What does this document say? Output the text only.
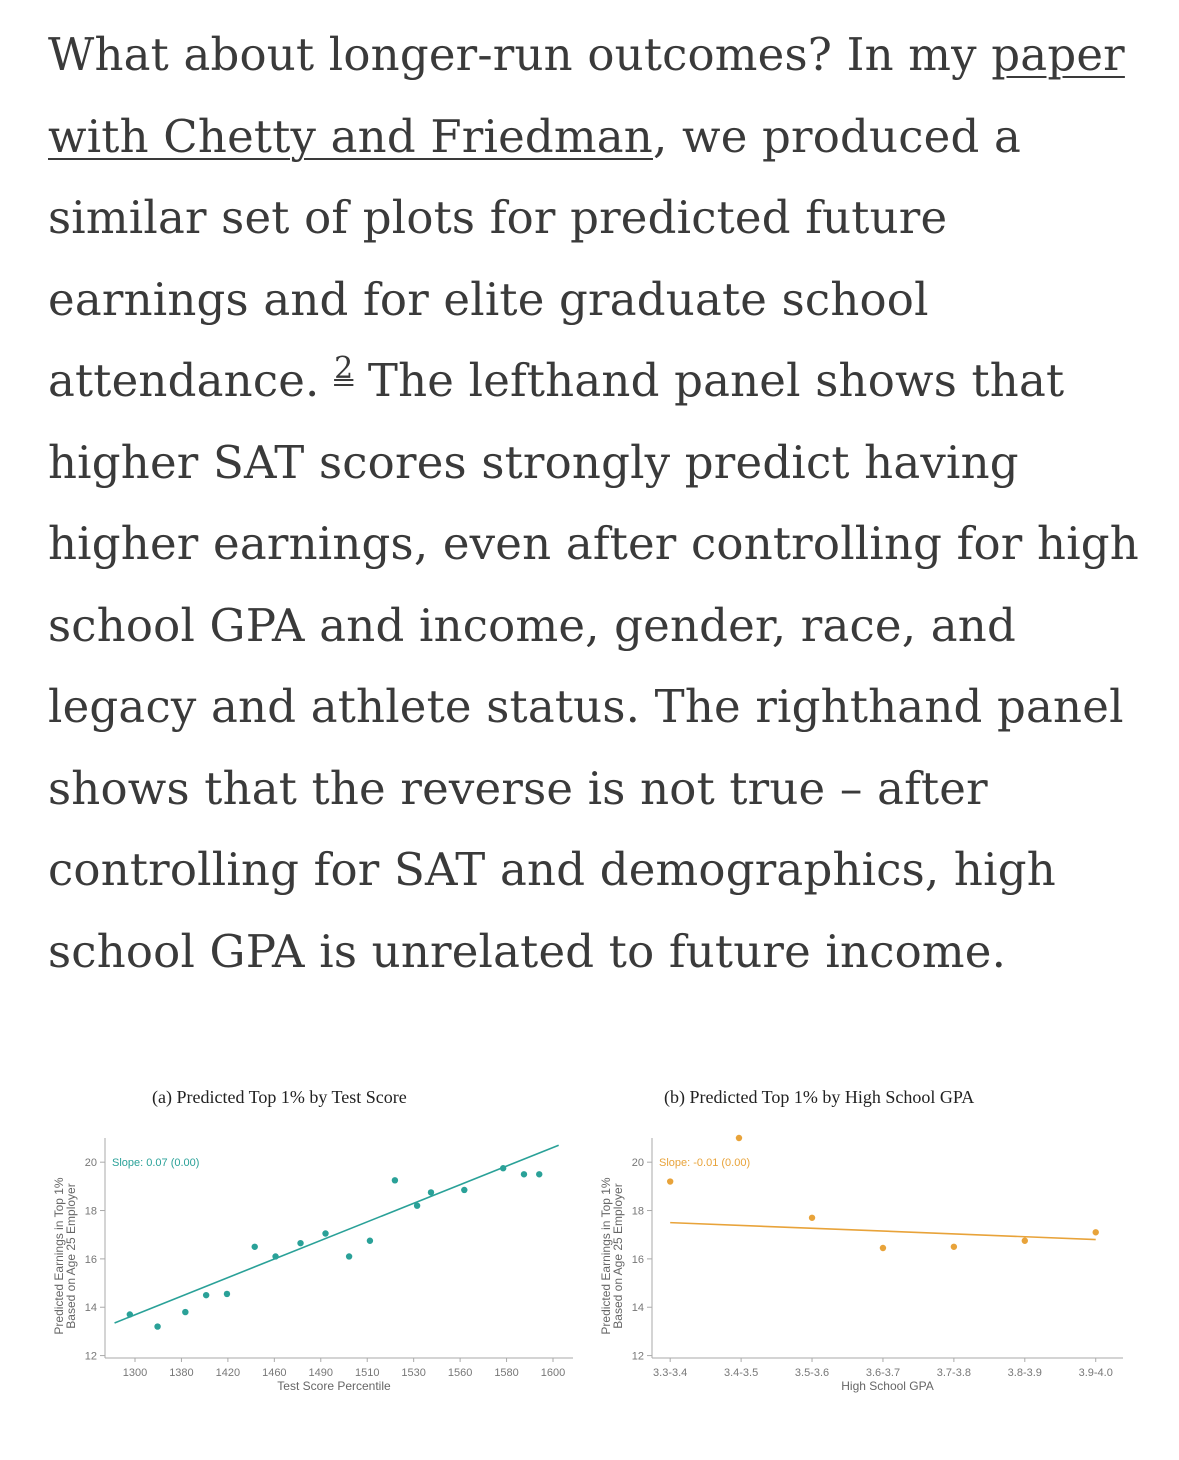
What about longer-run outcomes? In my paper with Chetty and Friedman, we produced a similar set of plots for predicted future earnings and for elite graduate school attendance. $^2$ The lefthand panel shows that higher SAT scores strongly predict having higher earnings, even after controlling for high school GPA and income, gender, race, and legacy and athlete status. The righthand panel shows that the reverse is not true – after controlling for SAT and demographics, high school GPA is unrelated to future income.
(a) Predicted Top 1% by Test Score	(b) Predicted Top 1% by High School GPA
12
14
16
18
20
1300 1380 1420 1460 1490 1510 1530 1560 1580 1600
Test Score Percentile
Predicted Earnings in Top 1%
Based on Age 25 Employer
Slope: 0.07 (0.00)
12
14
16
18
20
3.3-3.4	3.4-3.5	3.5-3.6	3.6-3.7	3.7-3.8	3.8-3.9	3.9-4.0
High School GPA
Predicted Earnings in Top 1%
Based on Age 25 Employer
Slope: -0.01 (0.00)
